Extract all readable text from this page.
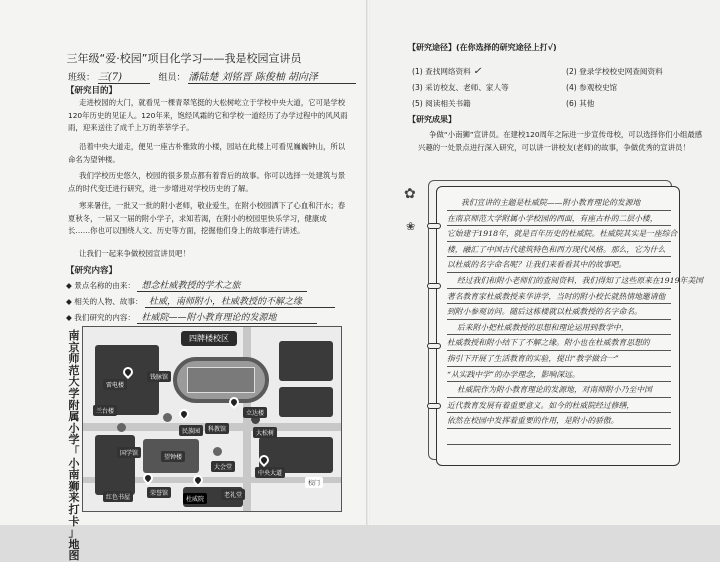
三年级“爱·校园”项目化学习——我是校园宣讲员
班级： 三(7)	组员： 潘陆楚 刘铭晋 陈俊柚 胡向泽
【研究目的】
走进校园的大门，就看见一棵青翠笔挺的大松树屹立于学校中央大道，它可是学校120年历史的见证人。120年来，饱经风霜的它和学校一道经历了办学过程中的风风雨雨，迎来送往了成千上万的莘莘学子。
沿着中央大道走，便见一座古朴雅致的小楼，园站在此楼上可看见巍巍钟山，所以命名为望钟楼。
我们学校历史悠久，校园的很多景点都有着背后的故事。你可以选择一处建筑与景点的时代变迁进行研究，进一步增进对学校历史的了解。
寒来暑往，一批又一批的附小老师，敬业爱生，在附小校园洒下了心血和汗水；春夏秋冬，一届又一届的附小学子，求知若渴，在附小的校园里快乐学习，健康成长……你也可以围绕人文、历史等方面，挖掘他们身上的故事进行讲述。
让我们一起来争做校园宣讲员吧！
【研究内容】
◆ 景点名称的由来： 想念杜威教授的学术之旅
◆ 相关的人物、故事： 杜威，南师附小，杜威教授的不解之缘
◆ 我们研究的内容： 杜威院——附小教育理论的发源地
南
京
师
范
大
学
附
属
小
学
「
小
南
狮
来
打
卡
」
地
图
四牌楼校区
雷电楼
钱脉馆
兰台楼
国学馆
望钟楼
立达楼
科教馆
大会堂
民族园
杜威院
中央大道
老礼堂
荣誉馆
红色书屋
校门
大松树
【研究途径】(在你选择的研究途径上打√)
(1) 查找网络资料 ✓	(2) 登录学校校史网查阅资料
(3) 采访校友、老师、家人等	(4) 参观校史馆
(5) 阅读相关书籍	(6) 其他
【研究成果】
争做“小南狮”宣讲员。在建校120周年之际进一步宣传母校，可以选择你们小组最感兴趣的一处景点进行深入研究，可以讲一讲校友(老师)的故事，争做优秀的宣讲员！
✿
❀
我们宣讲的主题是杜威院——附小教育理论的发源地
在南京师范大学附属小学校园的西面，有座古朴的二层小楼，
它始建于1918年，就是百年历史的杜威院。杜威院其实是一座综合
楼，融汇了中国古代建筑特色和西方现代风格。那么，它为什么
以杜威的名字命名呢？让我们来看看其中的故事吧。
经过我们和附小老师们的查阅资料，我们得知了这些原来在1919年美国
著名教育家杜威教授来华讲学，当时的附小校长就热情地邀请他
到附小参观访问。随后这栋楼就以杜威教授的名字命名。
后来附小把杜威教授的思想和理论运用到教学中，
杜威教授和附小结下了不解之缘。附小也在杜威教育思想的
指引下开展了生活教育的实验，提出“教学做合一”
“从实践中学”的办学理念，影响深远。
杜威院作为附小教育理论的发源地，对南师附小乃至中国
近代教育发展有着重要意义。如今的杜威院经过修缮，
依然在校园中发挥着重要的作用，是附小的骄傲。
